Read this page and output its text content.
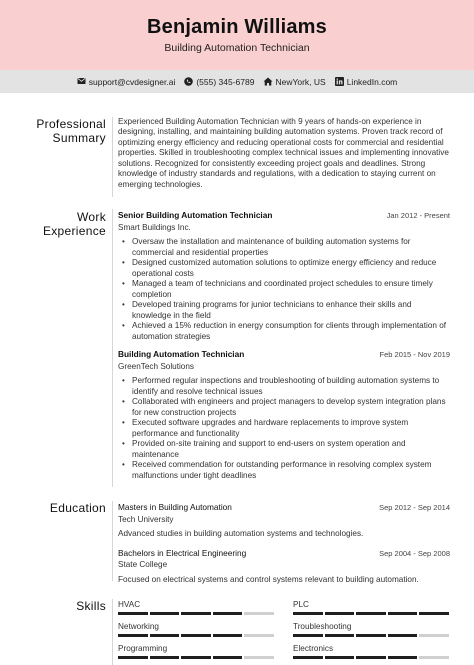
Benjamin Williams
Building Automation Technician
support@cvdesigner.ai (555) 345-6789 NewYork, US LinkedIn.com
Professional
Summary
Experienced Building Automation Technician with 9 years of hands-on experience in designing, installing, and maintaining building automation systems. Proven track record of optimizing energy efficiency and reducing operational costs for commercial and residential properties. Skilled in troubleshooting complex technical issues and implementing innovative solutions. Recognized for consistently exceeding project goals and deadlines. Strong knowledge of industry standards and regulations, with a dedication to staying current on emerging technologies.
Work
Experience
Senior Building Automation Technician	Jan 2012 - Present
Smart Buildings Inc.
• Oversaw the installation and maintenance of building automation systems for commercial and residential properties
• Designed customized automation solutions to optimize energy efficiency and reduce operational costs
• Managed a team of technicians and coordinated project schedules to ensure timely completion
• Developed training programs for junior technicians to enhance their skills and knowledge in the field
• Achieved a 15% reduction in energy consumption for clients through implementation of automation strategies
Building Automation Technician	Feb 2015 - Nov 2019
GreenTech Solutions
• Performed regular inspections and troubleshooting of building automation systems to identify and resolve technical issues
• Collaborated with engineers and project managers to develop system integration plans for new construction projects
• Executed software upgrades and hardware replacements to improve system performance and functionality
• Provided on-site training and support to end-users on system operation and maintenance
• Received commendation for outstanding performance in resolving complex system malfunctions under tight deadlines
Education Masters in Building Automation	Sep 2012 - Sep 2014
Tech University
Advanced studies in building automation systems and technologies.
Bachelors in Electrical Engineering	Sep 2004 - Sep 2008
State College
Focused on electrical systems and control systems relevant to building automation.
Skills HVAC	PLC
Networking	Troubleshooting
Programming	Electronics
